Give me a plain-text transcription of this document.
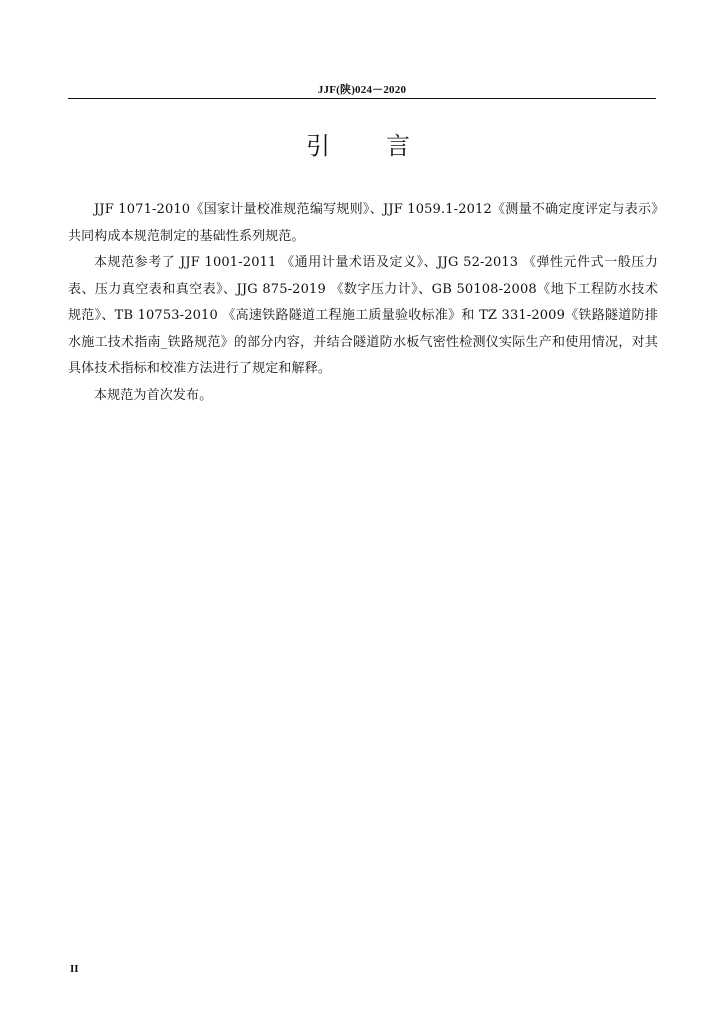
JJF(陕)024－2020
引 言

JJF 1071-2010《国家计量校准规范编写规则》、JJF 1059.1-2012《测量不确定度评定与表示》共同构成本规范制定的基础性系列规范。

本规范参考了 JJF 1001-2011 《通用计量术语及定义》、JJG 52-2013 《弹性元件式一般压力表、压力真空表和真空表》、JJG 875-2019 《数字压力计》、GB 50108-2008《地下工程防水技术规范》、TB 10753-2010 《高速铁路隧道工程施工质量验收标准》和 TZ 331-2009《铁路隧道防排水施工技术指南_铁路规范》的部分内容，并结合隧道防水板气密性检测仪实际生产和使用情况，对其具体技术指标和校准方法进行了规定和解释。

本规范为首次发布。

II
